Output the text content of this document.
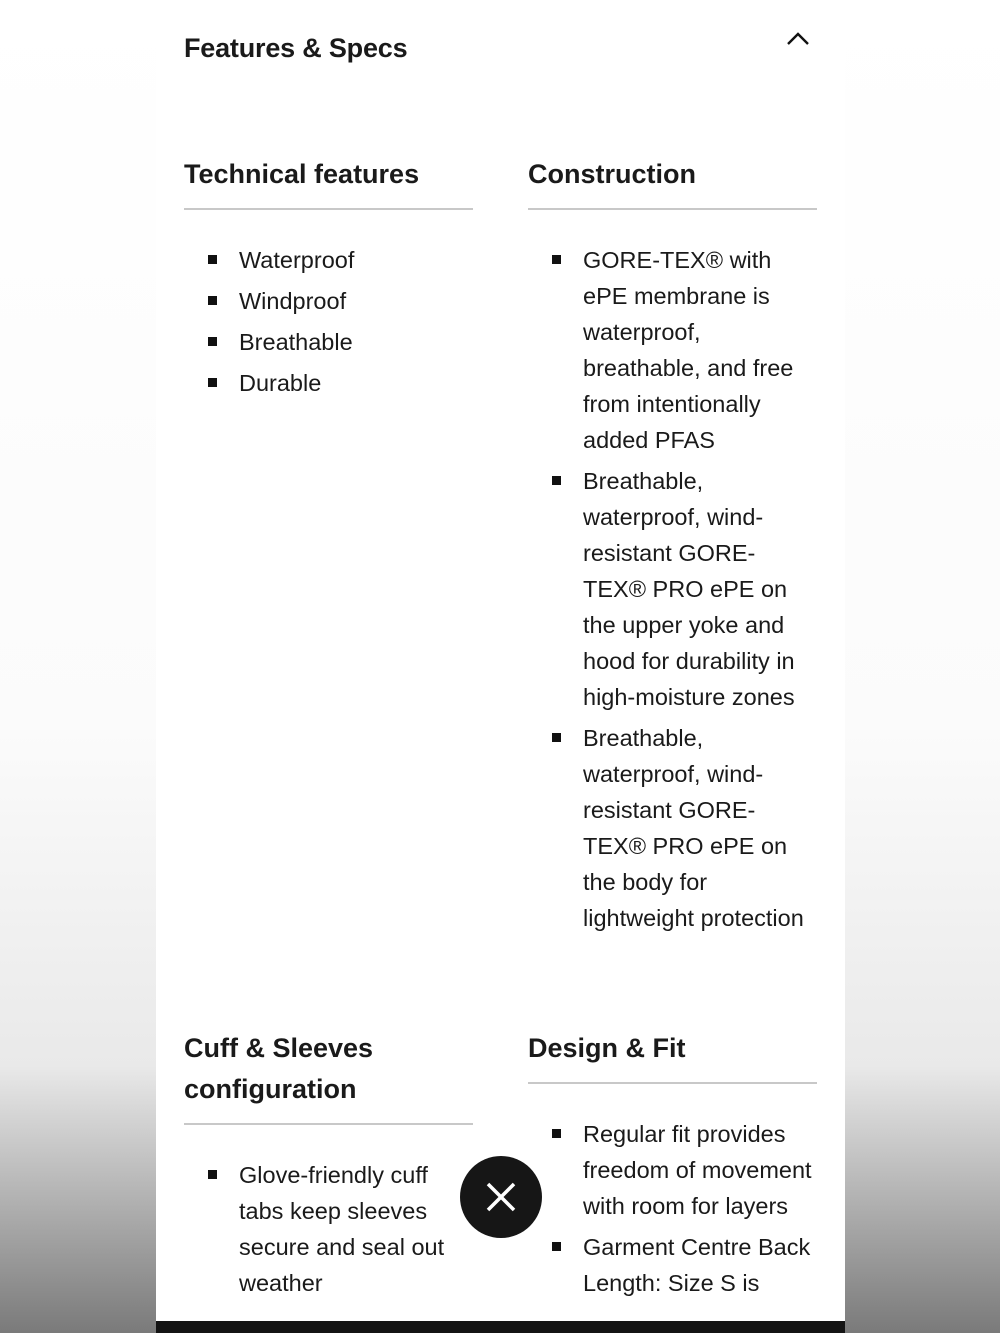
Features & Specs
Technical features
Waterproof
Windproof
Breathable
Durable
Construction
GORE-TEX® with ePE membrane is waterproof, breathable, and free from intentionally added PFAS
Breathable, waterproof, wind-resistant GORE-TEX® PRO ePE on the upper yoke and hood for durability in high-moisture zones
Breathable, waterproof, wind-resistant GORE-TEX® PRO ePE on the body for lightweight protection
Cuff & Sleeves configuration
Glove-friendly cuff tabs keep sleeves secure and seal out weather
Design & Fit
Regular fit provides freedom of movement with room for layers
Garment Centre Back Length: Size S is
